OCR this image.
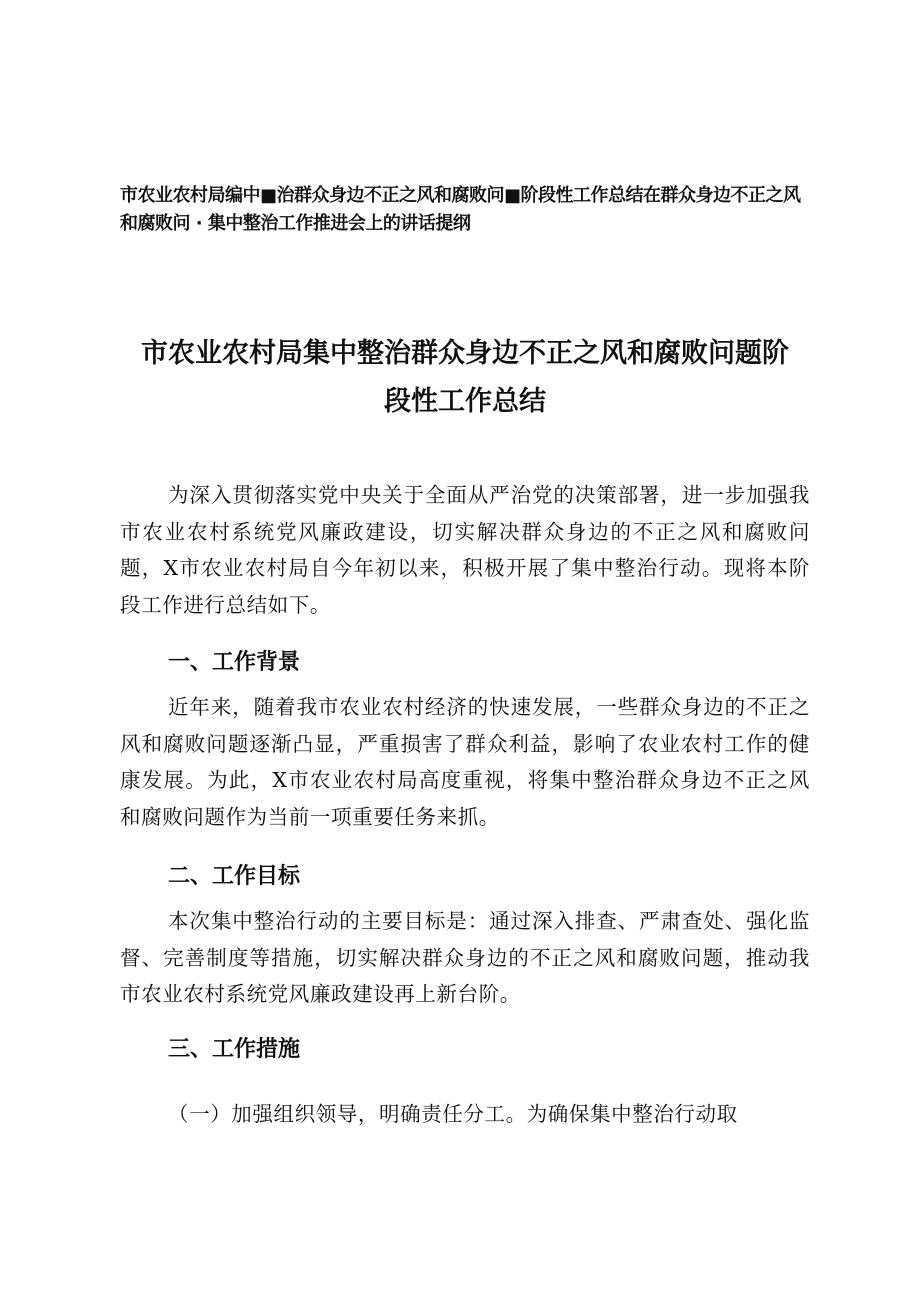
市农业农村局编中■治群众身边不正之风和腐败问■阶段性工作总结在群众身边不正之风和腐败问 · 集中整治工作推进会上的讲话提纲
市农业农村局集中整治群众身边不正之风和腐败问题阶
段性工作总结

为深入贯彻落实党中央关于全面从严治党的决策部署，进一步加强我市农业农村系统党风廉政建设，切实解决群众身边的不正之风和腐败问题，X市农业农村局自今年初以来，积极开展了集中整治行动。现将本阶段工作进行总结如下。

一、工作背景

近年来，随着我市农业农村经济的快速发展，一些群众身边的不正之风和腐败问题逐渐凸显，严重损害了群众利益，影响了农业农村工作的健康发展。为此，X市农业农村局高度重视，将集中整治群众身边不正之风和腐败问题作为当前一项重要任务来抓。

二、工作目标

本次集中整治行动的主要目标是：通过深入排查、严肃查处、强化监督、完善制度等措施，切实解决群众身边的不正之风和腐败问题，推动我市农业农村系统党风廉政建设再上新台阶。

三、工作措施

（一）加强组织领导，明确责任分工。为确保集中整治行动取
